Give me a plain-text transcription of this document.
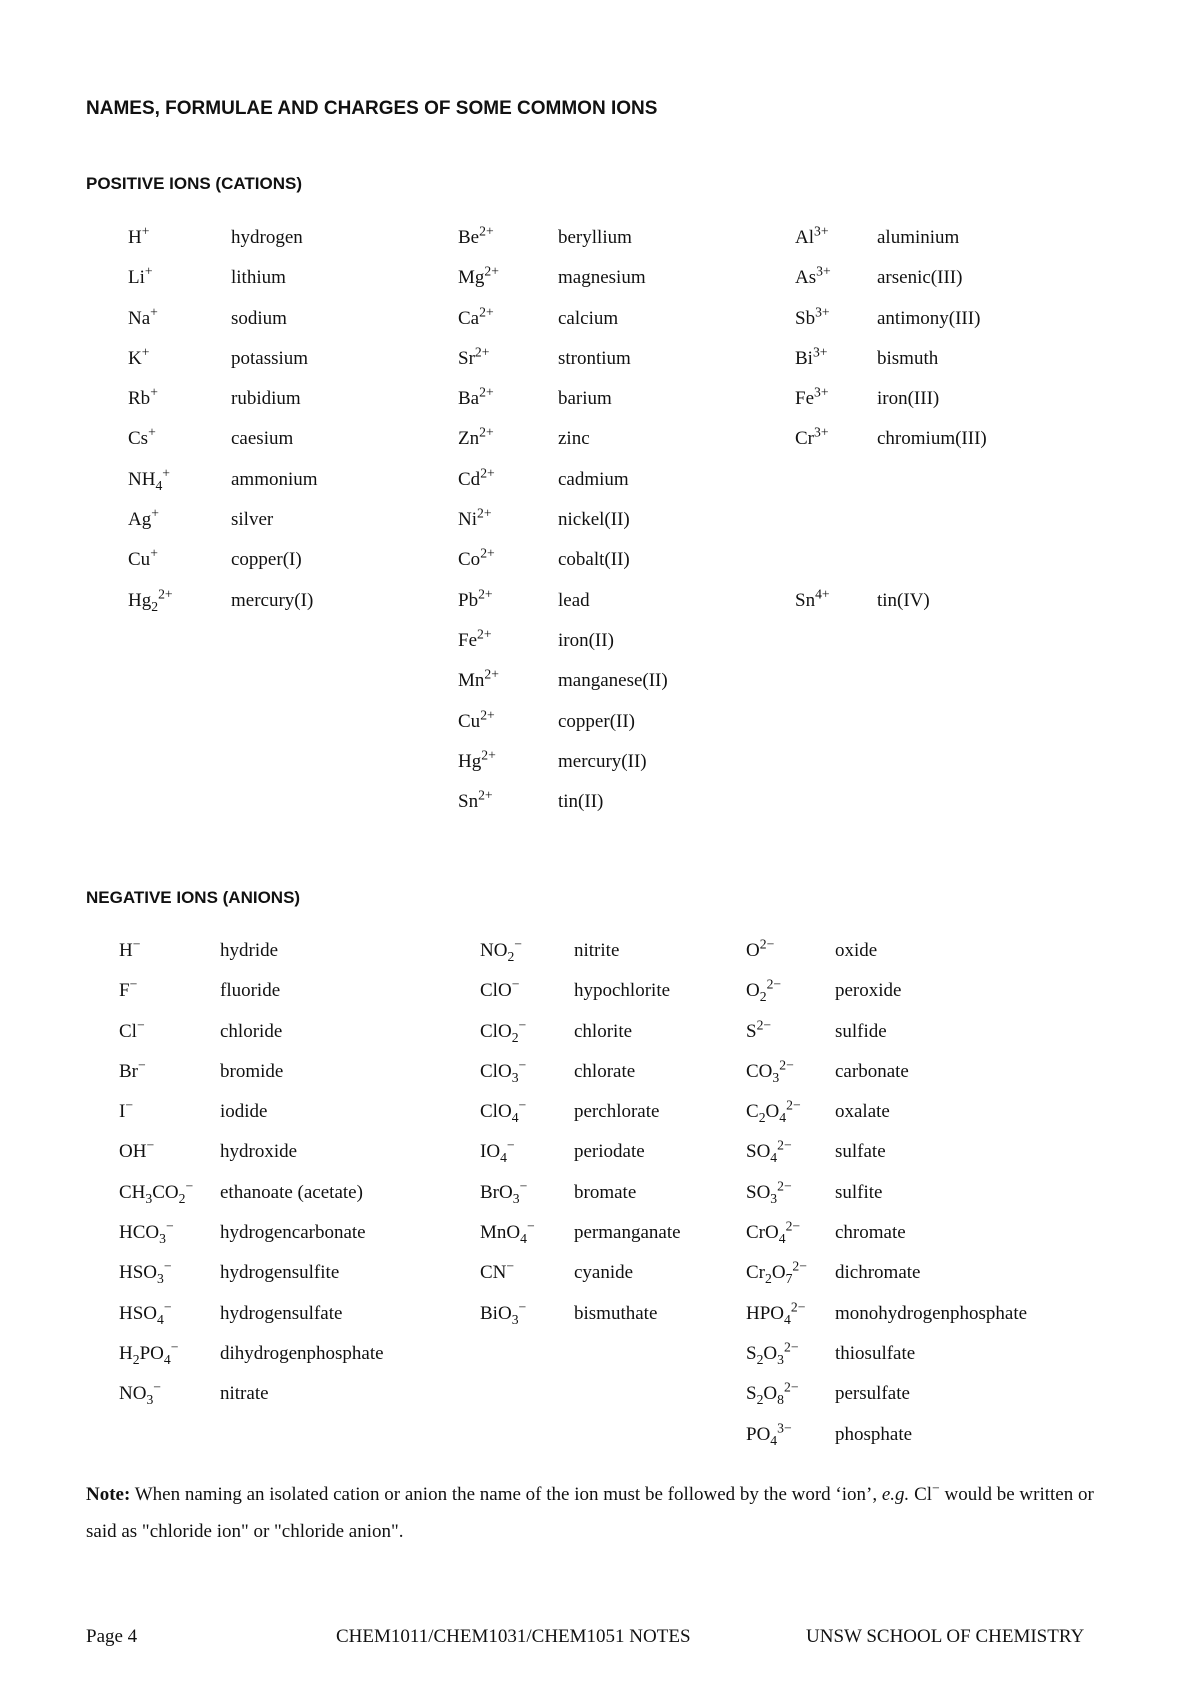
NAMES, FORMULAE AND CHARGES OF SOME COMMON IONS
POSITIVE IONS (CATIONS)
H+	hydrogen
Li+	lithium
Na+	sodium
K+	potassium
Rb+	rubidium
Cs+	caesium
$NH_4^+$	ammonium
Ag+	silver
Cu+	copper(I)
$Hg_2^{2+}$	mercury(I)
$Be^{2+}$	beryllium
$Mg^{2+}$	magnesium
$Ca^{2+}$	calcium
$Sr^{2+}$	strontium
$Ba^{2+}$	barium
$Zn^{2+}$	zinc
$Cd^{2+}$	cadmium
$Ni^{2+}$	nickel(II)
$Co^{2+}$	cobalt(II)
$Pb^{2+}$	lead
$Fe^{2+}$	iron(II)
$Mn^{2+}$	manganese(II)
$Cu^{2+}$	copper(II)
$Hg^{2+}$	mercury(II)
$Sn^{2+}$	tin(II)
$Al^{3+}$	aluminium
$As^{3+}$ arsenic(III)
$Sb^{3+}$ antimony(III)
$Bi^{3+}$	bismuth
$Fe^{3+}$	iron(III)
$Cr^{3+}$	chromium(III)
$Sn^{4+}$ tin(IV)
NEGATIVE IONS (ANIONS)
H−	hydride
F−	fluoride
Cl−	chloride
Br−	bromide
I−	iodide
OH−	hydroxide
$CH_3CO_2^-$ ethanoate (acetate)
$HCO_3^-$ hydrogencarbonate
$HSO_3^-$	hydrogensulfite
$HSO_4^-$	hydrogensulfate
$H_2PO_4^-$ dihydrogenphosphate
$NO_3^-$	nitrate
$NO_2^-$	nitrite
ClO−	hypochlorite
ClO$_2$−	chlorite
ClO$_3$−	chlorate
ClO$_4$−	perchlorate
$IO_4^-$	periodate
BrO$_3$− bromate
MnO$_4$− permanganate
CN−	cyanide
BiO$_3$−	bismuthate
$O^{2-}$	oxide
$O_2^{2-}$	peroxide
$S^{2-}$	sulfide
$CO_3^{2-}$ carbonate
$C_2O_4^{2-}$ oxalate
$SO_4^{2-}$ sulfate
$SO_3^{2-}$ sulfite
CrO$_4^{2-}$ chromate
$Cr_2O_7^{2-}$ dichromate
$HPO_4^{2-}$ monohydrogenphosphate
$S_2O_3^{2-}$ thiosulfate
$S_2O_8^{2-}$ persulfate
$PO_4^{3-}$ phosphate

Note: When naming an isolated cation or anion the name of the ion must be followed by the word ‘ion’, e.g. Cl− would be written or said as "chloride ion" or "chloride anion".

Page 4	CHEM1011/CHEM1031/CHEM1051 NOTES	UNSW SCHOOL OF CHEMISTRY
